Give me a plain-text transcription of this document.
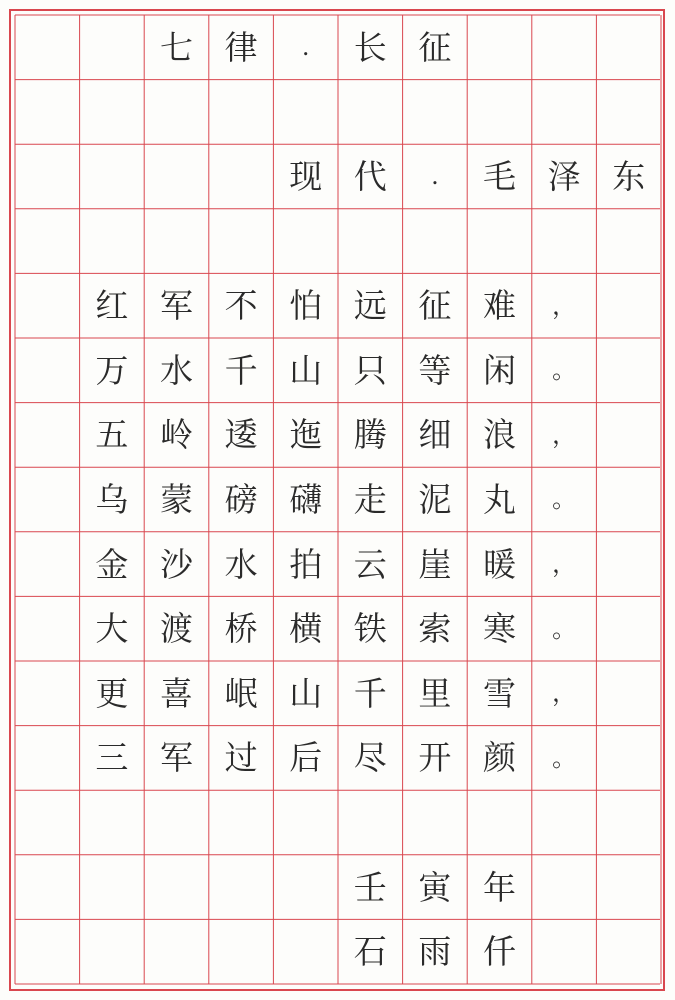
七 律	.	长 征
现 代	.	毛 泽 东
红 军 不 怕 远 征 难	，
万 水 千 山 只 等 闲	。
五 岭 逶 迤 腾 细 浪	，
乌 蒙 磅 礴 走 泥 丸	。
金 沙 水 拍 云 崖 暖	，
大 渡 桥 横 铁 索 寒	。
更 喜 岷 山 千 里 雪	，
三 军 过 后 尽 开 颜	。
壬 寅 年
石 雨 仟
